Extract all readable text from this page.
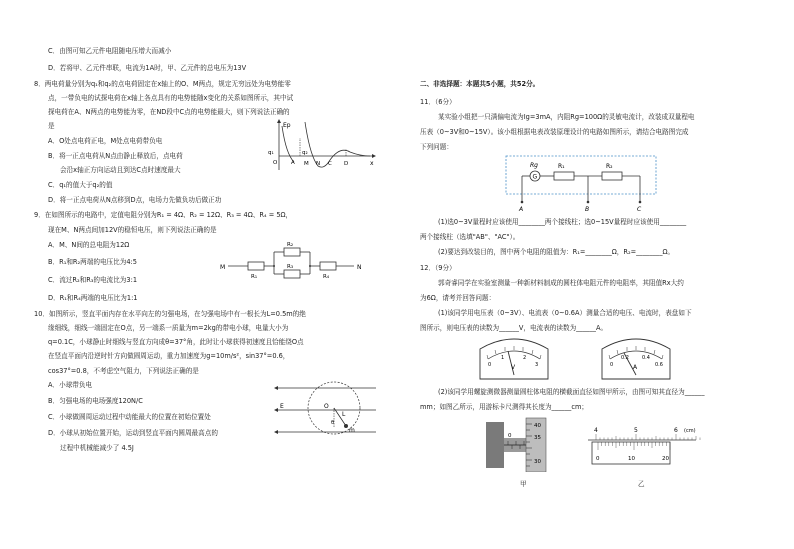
C．由图可知乙元件电阻随电压增大而减小
D．若将甲、乙元件串联，电流为1A时，甲、乙元件的总电压为13V
8．两电荷量分别为q₁和q₂的点电荷固定在x轴上的O、M两点，规定无穷远处为电势能零
点，一带负电的试探电荷在x轴上各点具有的电势能随x变化的关系如图所示，其中试
探电荷在A、N两点的电势能为零，在ND段中C点的电势能最大，则下列说法正确的
是
A．O处点电荷正电，M处点电荷带负电
B．将一正点电荷从N点由静止释放后，点电荷
会沿x轴正方向运动且到达C点时速度最大
C．q₁的值大于q₂的值
D．将一正点电荷从N点移到D点，电场力先做负功后做正功
Ep
x
q₁	q₂
O A M N C D
9．在如图所示的电路中，定值电阻分别为R₁ = 4Ω、R₂ = 12Ω、R₃ = 4Ω、R₄ = 5Ω，
现在M、N两点间加12V的稳恒电压，则下列说法正确的是
A．M、N间的总电阻为12Ω
B．R₁和R₂两端的电压比为4:5
C．流过R₂和R₃的电流比为3:1
D．R₁和R₄两端的电压比为1:1
M	N
R₁
R₂
R₃
R₄
10．如图所示，竖直平面内存在水平向左的匀强电场，在匀强电场中有一根长为L=0.5m的绝
缘细线，细线一端固定在O点，另一端系一质量为m=2kg的带电小球，电量大小为
q=0.1C，小球静止时细线与竖直方向成θ=37°角，此时让小球获得初速度且恰能绕O点
在竖直平面内沿逆时针方向做圆周运动，重力加速度为g=10m/s²，sin37°=0.6，
cos37°=0.8，不考虑空气阻力，下列说法正确的是
A．小球带负电
B．匀强电场的电场强度120N/C
C．小球做圆周运动过程中动能最大的位置在初始位置处
D．小球从初始位置开始，运动到竖直平面内圆周最高点的
过程中机械能减少了 4.5J
E	O
L
θ
m
二、非选择题：本题共5小题，共52分。
11．（6分）
某实验小组把一只满偏电流为Ig=3mA，内阻Rg=100Ω的灵敏电流计，改装成双量程电
压表（0~3V和0~15V）。该小组根据电表改装原理设计的电路如图所示，请结合电路图完成
下列问题：
Rg
G
R₁	R₂
A	B	C
(1)选0~3V量程时应该使用________两个接线柱；选0~15V量程时应该使用________
两个接线柱（选填"AB"、"AC"）。
(2)要达到改装目的，图中两个电阻的阻值为：R₁=________Ω，R₂=________Ω。
12．（9分）
郭奇睿同学在实验室测量一种新材料制成的圆柱体电阻元件的电阻率，其阻值Rx大约
为6Ω，请考并回答问题：
(1)该同学用电压表（0~3V）、电流表（0~0.6A）测量合适的电压、电流时，表盘如下
图所示，则电压表的读数为______V，电流表的读数为______A。
0
1	2
3
V	0
0.2	0.4
0.6
A
(2)该同学用螺旋测微器测量圆柱体电阻的横截面直径如图甲所示，由图可知其直径为______
mm；如图乙所示，用游标卡尺测得其长度为______cm；
40
35
30
0
4	5	6 (cm)
0	10	20
甲	乙
